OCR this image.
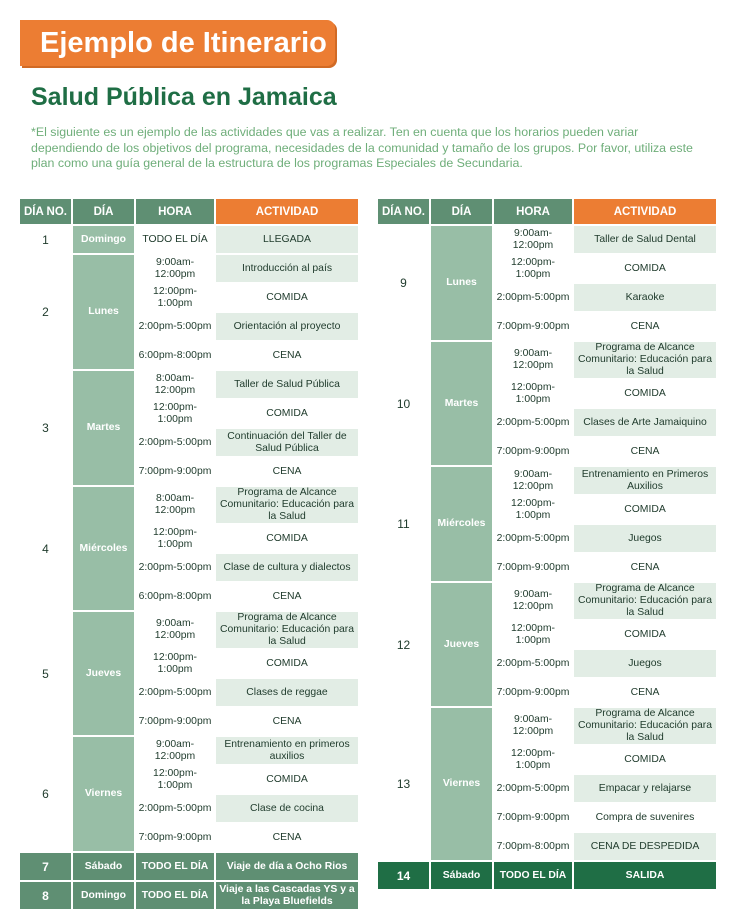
Ejemplo de Itinerario
Salud Pública en Jamaica
*El siguiente es un ejemplo de las actividades que vas a realizar. Ten en cuenta que los horarios pueden variar dependiendo de los objetivos del programa, necesidades de la comunidad y tamaño de los grupos. Por favor, utiliza este plan como una guía general de la estructura de los programas Especiales de Secundaria.
DÍA NO.	DÍA	HORA	ACTIVIDAD
1	Domingo	TODO EL DÍA	LLEGADA
2	Lunes	9:00am-12:00pm	Introducción al país
		12:00pm-1:00pm	COMIDA
		2:00pm-5:00pm	Orientación al proyecto
		6:00pm-8:00pm	CENA
3	Martes	8:00am-12:00pm	Taller de Salud Pública
		12:00pm-1:00pm	COMIDA
		2:00pm-5:00pm	Continuación del Taller de Salud Pública
		7:00pm-9:00pm	CENA
4	Miércoles	8:00am-12:00pm	Programa de Alcance Comunitario: Educación para la Salud
		12:00pm-1:00pm	COMIDA
		2:00pm-5:00pm	Clase de cultura y dialectos
		6:00pm-8:00pm	CENA
5	Jueves	9:00am-12:00pm	Programa de Alcance Comunitario: Educación para la Salud
		12:00pm-1:00pm	COMIDA
		2:00pm-5:00pm	Clases de reggae
		7:00pm-9:00pm	CENA
6	Viernes	9:00am-12:00pm	Entrenamiento en primeros auxilios
		12:00pm-1:00pm	COMIDA
		2:00pm-5:00pm	Clase de cocina
		7:00pm-9:00pm	CENA
7	Sábado	TODO EL DÍA	Viaje de día a Ocho Rios
8	Domingo	TODO EL DÍA	Viaje a las Cascadas YS y a la Playa Bluefields
DÍA NO.	DÍA	HORA	ACTIVIDAD
9	Lunes	9:00am-12:00pm	Taller de Salud Dental
		12:00pm-1:00pm	COMIDA
		2:00pm-5:00pm	Karaoke
		7:00pm-9:00pm	CENA
10	Martes	9:00am-12:00pm	Programa de Alcance Comunitario: Educación para la Salud
		12:00pm-1:00pm	COMIDA
		2:00pm-5:00pm	Clases de Arte Jamaiquino
		7:00pm-9:00pm	CENA
11	Miércoles	9:00am-12:00pm	Entrenamiento en Primeros Auxilios
		12:00pm-1:00pm	COMIDA
		2:00pm-5:00pm	Juegos
		7:00pm-9:00pm	CENA
12	Jueves	9:00am-12:00pm	Programa de Alcance Comunitario: Educación para la Salud
		12:00pm-1:00pm	COMIDA
		2:00pm-5:00pm	Juegos
		7:00pm-9:00pm	CENA
13	Viernes	9:00am-12:00pm	Programa de Alcance Comunitario: Educación para la Salud
		12:00pm-1:00pm	COMIDA
		2:00pm-5:00pm	Empacar y relajarse
		7:00pm-9:00pm	Compra de suvenires
		7:00pm-8:00pm	CENA DE DESPEDIDA
14	Sábado	TODO EL DÍA	SALIDA
